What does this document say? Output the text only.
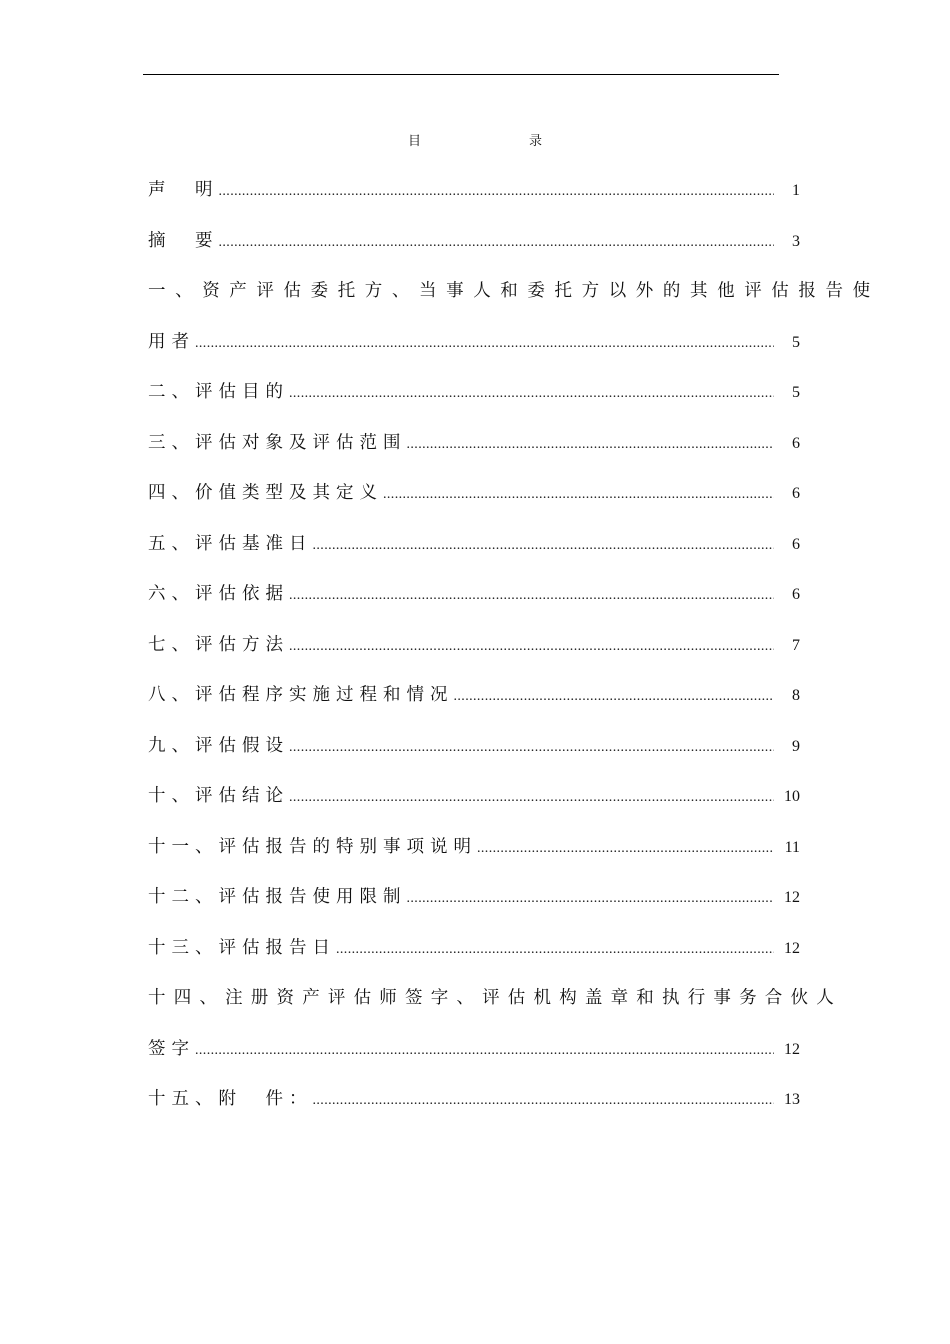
目	录
声　明 .....	1
摘　要 .....	3
一、资产评估委托方、当事人和委托方以外的其他评估报告使
用者 .....	5
二、评估目的 .....	5
三、评估对象及评估范围 .....	6
四、价值类型及其定义 .....	6
五、评估基准日 .....	6
六、评估依据 .....	6
七、评估方法 .....	7
八、评估程序实施过程和情况 .....	8
九、评估假设 .....	9
十、评估结论 .....	10
十一、评估报告的特别事项说明 .....	11
十二、评估报告使用限制 .....	12
十三、评估报告日 .....	12
十四、注册资产评估师签字、评估机构盖章和执行事务合伙人
签字 .....	12
十五、附　件： .....	13
